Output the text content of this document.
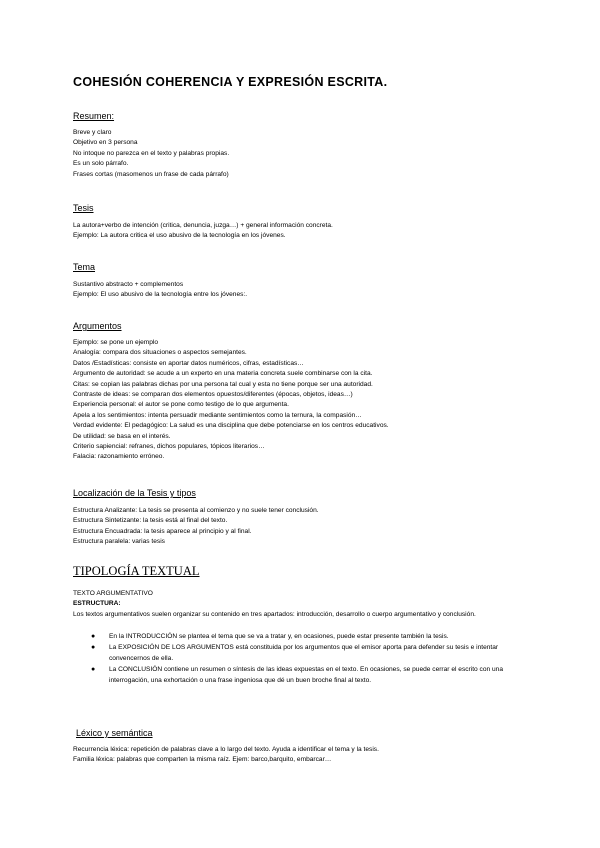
COHESIÓN COHERENCIA Y EXPRESIÓN ESCRITA.
Resumen:
Breve y claro
Objetivo en 3 persona
No intoque no parezca en el texto y palabras propias.
Es un solo párrafo.
Frases cortas (masomenos un frase de cada párrafo)
Tesis
La autora+verbo de intención (critica, denuncia, juzga…) + general información concreta.
Ejemplo: La autora critica el uso abusivo de la tecnología en los jóvenes.
Tema
Sustantivo abstracto + complementos
Ejemplo: El uso abusivo de la tecnología entre los jóvenes:.
Argumentos
Ejemplo: se pone un ejemplo
Analogía: compara dos situaciones o aspectos semejantes.
Datos /Estadísticas: consiste en aportar datos numéricos, cifras, estadísticas…
Argumento de autoridad: se acude a un experto en una materia concreta suele combinarse con la cita.
Citas: se copian las palabras dichas por una persona tal cual y esta no tiene porque ser una autoridad.
Contraste de ideas: se comparan dos elementos opuestos/diferentes (épocas, objetos, ideas…)
Experiencia personal: el autor se pone como testigo de lo que argumenta.
Apela a los sentimientos: intenta persuadir mediante sentimientos como la ternura, la compasión…
Verdad evidente: El pedagógico: La salud es una disciplina que debe potenciarse en los centros educativos.
De utilidad: se basa en el interés.
Criterio sapiencial: refranes, dichos populares, tópicos literarios…
Falacia: razonamiento erróneo.
Localización de la Tesis y tipos
Estructura Analizante: La tesis se presenta al comienzo y no suele tener conclusión.
Estructura Sintetizante: la tesis está al final del texto.
Estructura Encuadrada: la tesis aparece al principio y al final.
Estructura paralela: varias tesis
TIPOLOGÍA TEXTUAL
TEXTO ARGUMENTATIVO
ESTRUCTURA:
Los textos argumentativos suelen organizar su contenido en tres apartados: introducción, desarrollo o cuerpo argumentativo y conclusión.
● En la INTRODUCCIÓN se plantea el tema que se va a tratar y, en ocasiones, puede estar presente también la tesis.
● La EXPOSICIÓN DE LOS ARGUMENTOS está constituida por los argumentos que el emisor aporta para defender su tesis e intentar convencernos de ella.
● La CONCLUSIÓN contiene un resumen o síntesis de las ideas expuestas en el texto. En ocasiones, se puede cerrar el escrito con una interrogación, una exhortación o una frase ingeniosa que dé un buen broche final al texto.
Léxico y semántica
Recurrencia léxica: repetición de palabras clave a lo largo del texto. Ayuda a identificar el tema y la tesis.
Familia léxica: palabras que comparten la misma raíz. Ejem: barco,barquito, embarcar…
